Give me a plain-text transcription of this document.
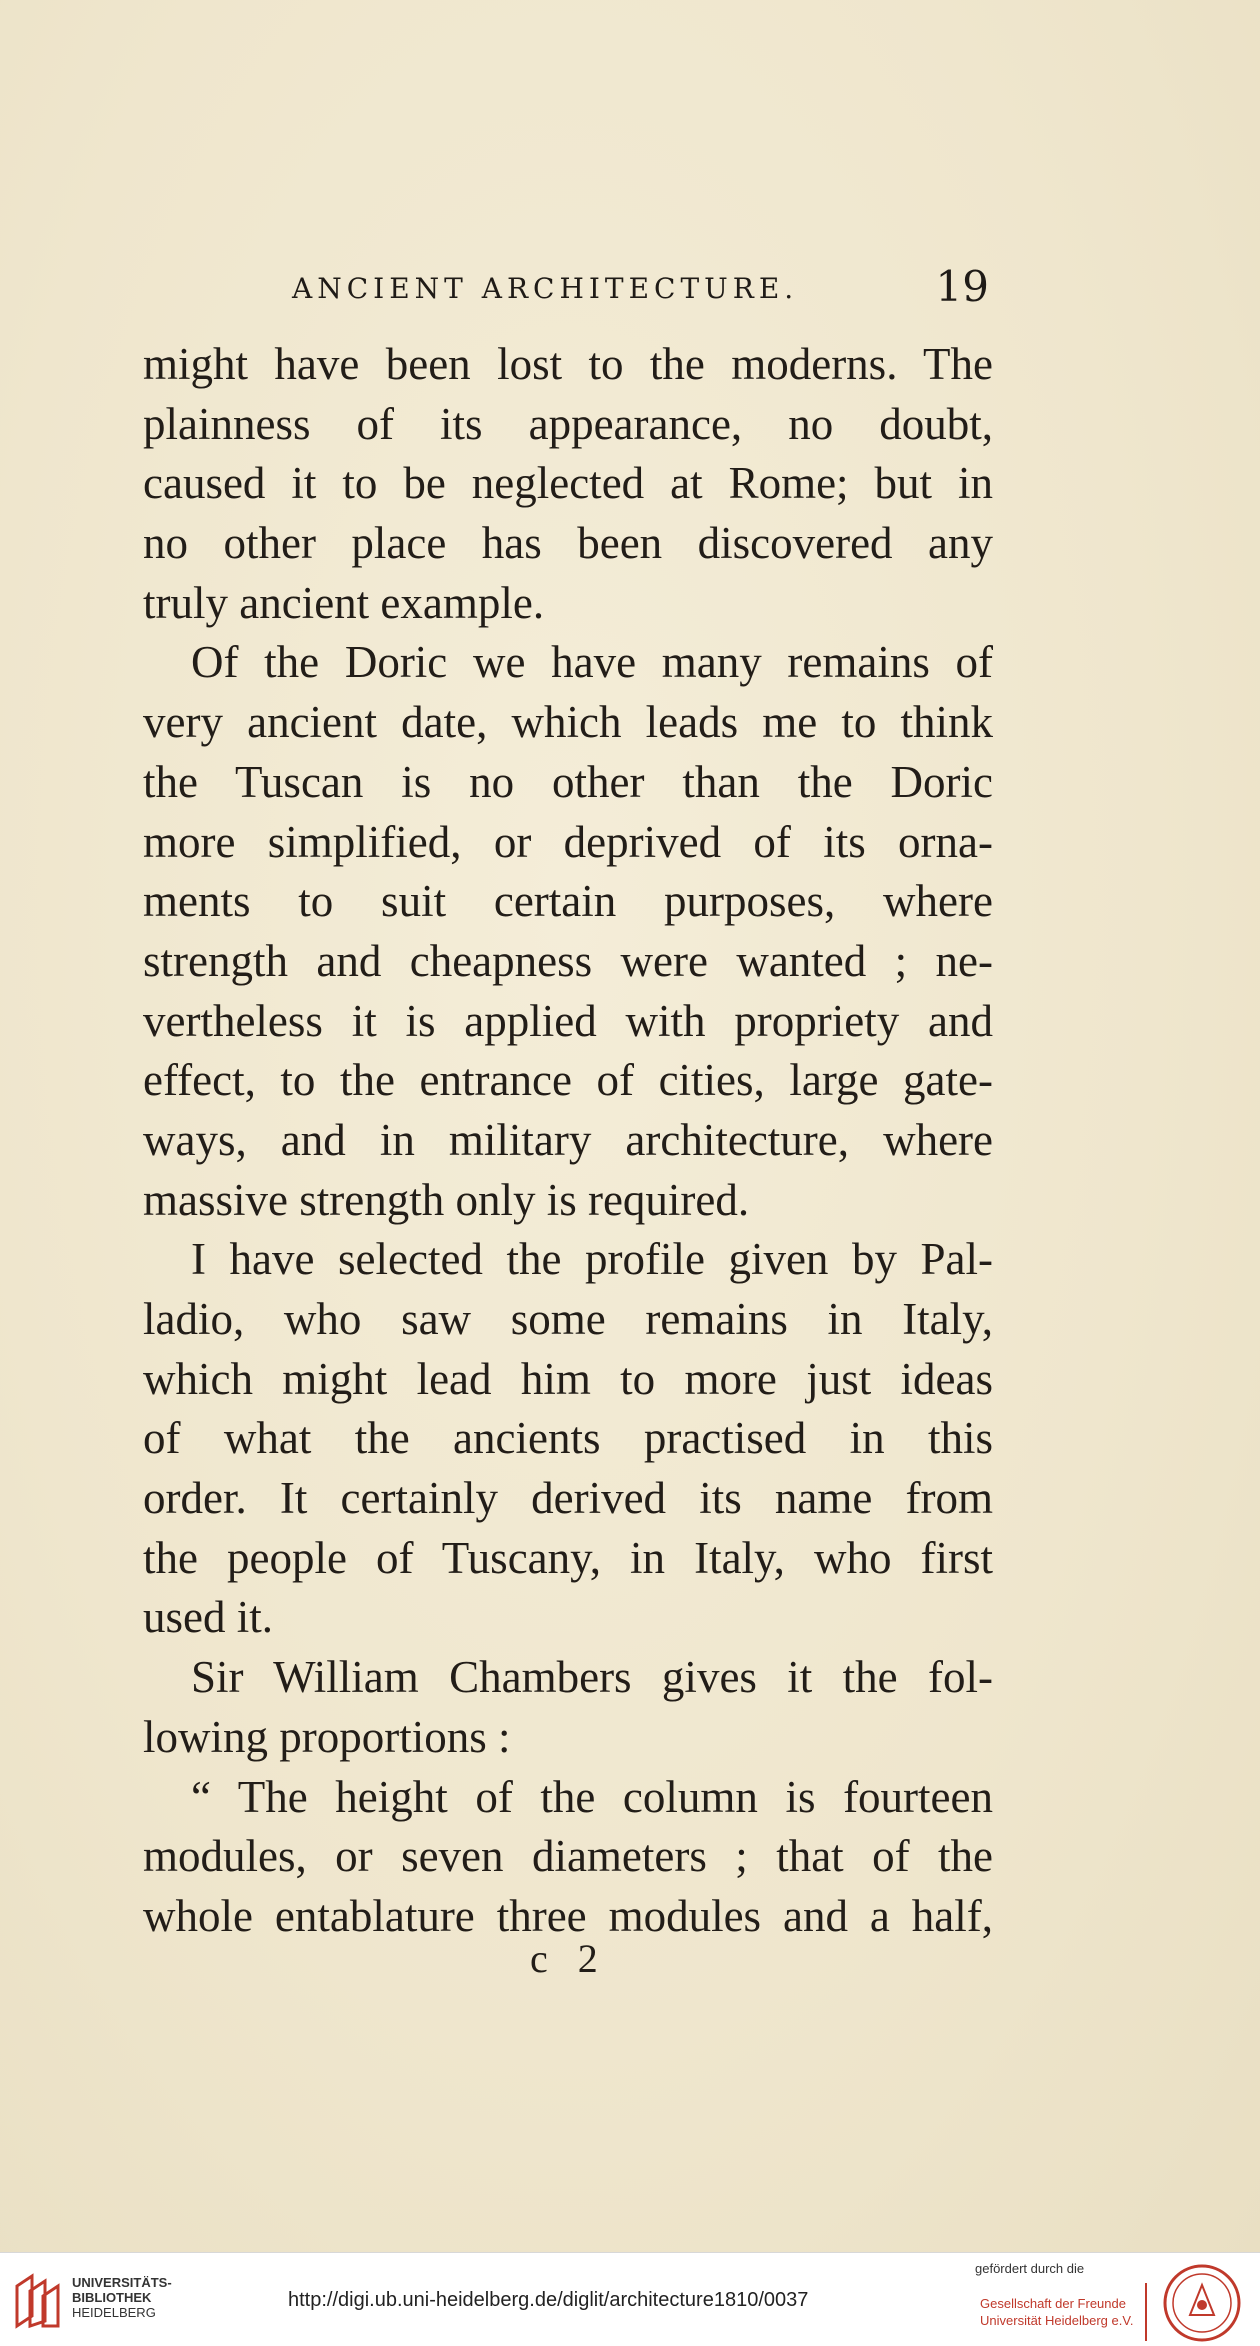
ANCIENT ARCHITECTURE.	19
might have been lost to the moderns. The
plainness of its appearance, no doubt,
caused it to be neglected at Rome; but in
no other place has been discovered any
truly ancient example.
Of the Doric we have many remains of
very ancient date, which leads me to think
the Tuscan is no other than the Doric
more simplified, or deprived of its orna-
ments to suit certain purposes, where
strength and cheapness were wanted ; ne-
vertheless it is applied with propriety and
effect, to the entrance of cities, large gate-
ways, and in military architecture, where
massive strength only is required.
I have selected the profile given by Pal-
ladio, who saw some remains in Italy,
which might lead him to more just ideas
of what the ancients practised in this
order. It certainly derived its name from
the people of Tuscany, in Italy, who first
used it.
Sir William Chambers gives it the fol-
lowing proportions :
“ The height of the column is fourteen
modules, or seven diameters ; that of the
whole entablature three modules and a half,
c 2
UNIVERSITÄTS-
BIBLIOTHEK
HEIDELBERG
http://digi.ub.uni-heidelberg.de/diglit/architecture1810/0037
gefördert durch die
Gesellschaft der Freunde
Universität Heidelberg e.V.
